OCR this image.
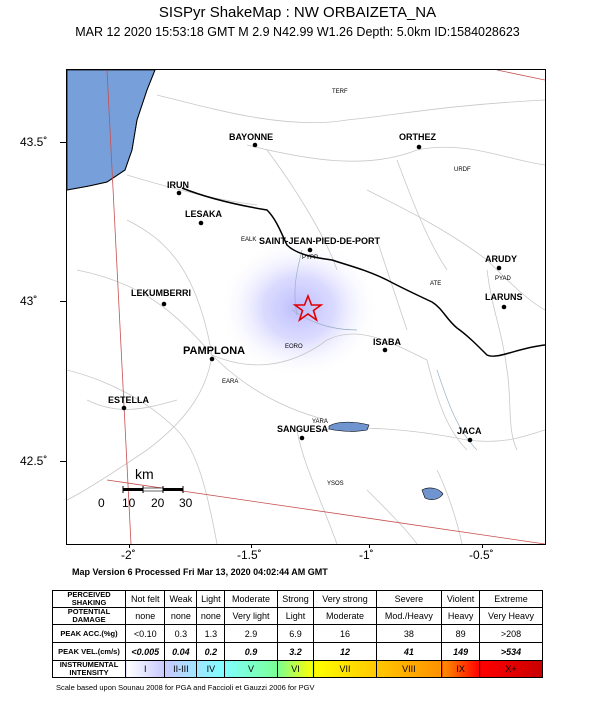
SISPyr ShakeMap : NW ORBAIZETA_NA
MAR 12 2020 15:53:18 GMT M 2.9 N42.99 W1.26 Depth: 5.0km ID:1584028623
43.5˚
43˚
42.5˚
-2˚	-1.5˚	-1˚	-0.5˚
BAYONNE	ORTHEZ
IRUN
LESAKA
SAINT-JEAN-PIED-DE-PORT
ARUDY
LARUNS
LEKUMBERRI
PAMPLONA
ISABA
ESTELLA
SANGUESA	JACA
TERF
URDF
EALK
PYPP
ATE
PYAD
EORO
EARA
YARA
YSOS
km
0 10 20 30
Map Version 6 Processed Fri Mar 13, 2020 04:02:44 AM GMT
PERCEIVED
SHAKING	Not felt	Weak	Light	Moderate	Strong	Very strong	Severe	Violent	Extreme
POTENTIAL
DAMAGE	none	none	none	Very light	Light	Moderate	Mod./Heavy	Heavy	Very Heavy
PEAK ACC.(%g)	<0.10	0.3	1.3	2.9	6.9	16	38	89	>208
PEAK VEL.(cm/s)	<0.005	0.04	0.2	0.9	3.2	12	41	149	>534
INSTRUMENTAL
INTENSITY	I	II-III	IV	V	VI	VII	VIII	IX	X+
Scale based upon Sounau 2008 for PGA and Faccioli et Gauzzi 2006 for PGV
